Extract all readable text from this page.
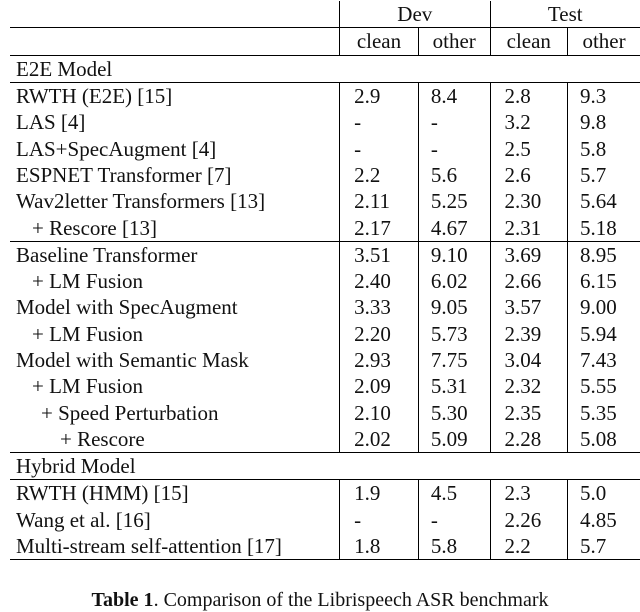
	Dev		Test	
	clean	other	clean	other
E2E Model				
RWTH (E2E) [15]	2.9	8.4	2.8	9.3
LAS [4]	-	-	3.2	9.8
LAS+SpecAugment [4]	-	-	2.5	5.8
ESPNET Transformer [7]	2.2	5.6	2.6	5.7
Wav2letter Transformers [13]	2.11	5.25	2.30	5.64
+ Rescore [13]	2.17	4.67	2.31	5.18
Baseline Transformer	3.51	9.10	3.69	8.95
+ LM Fusion	2.40	6.02	2.66	6.15
Model with SpecAugment	3.33	9.05	3.57	9.00
+ LM Fusion	2.20	5.73	2.39	5.94
Model with Semantic Mask	2.93	7.75	3.04	7.43
+ LM Fusion	2.09	5.31	2.32	5.55
+ Speed Perturbation	2.10	5.30	2.35	5.35
+ Rescore	2.02	5.09	2.28	5.08
Hybrid Model				
RWTH (HMM) [15]	1.9	4.5	2.3	5.0
Wang et al. [16]	-	-	2.26	4.85
Multi-stream self-attention [17]	1.8	5.8	2.2	5.7
Table 1. Comparison of the Librispeech ASR benchmark
